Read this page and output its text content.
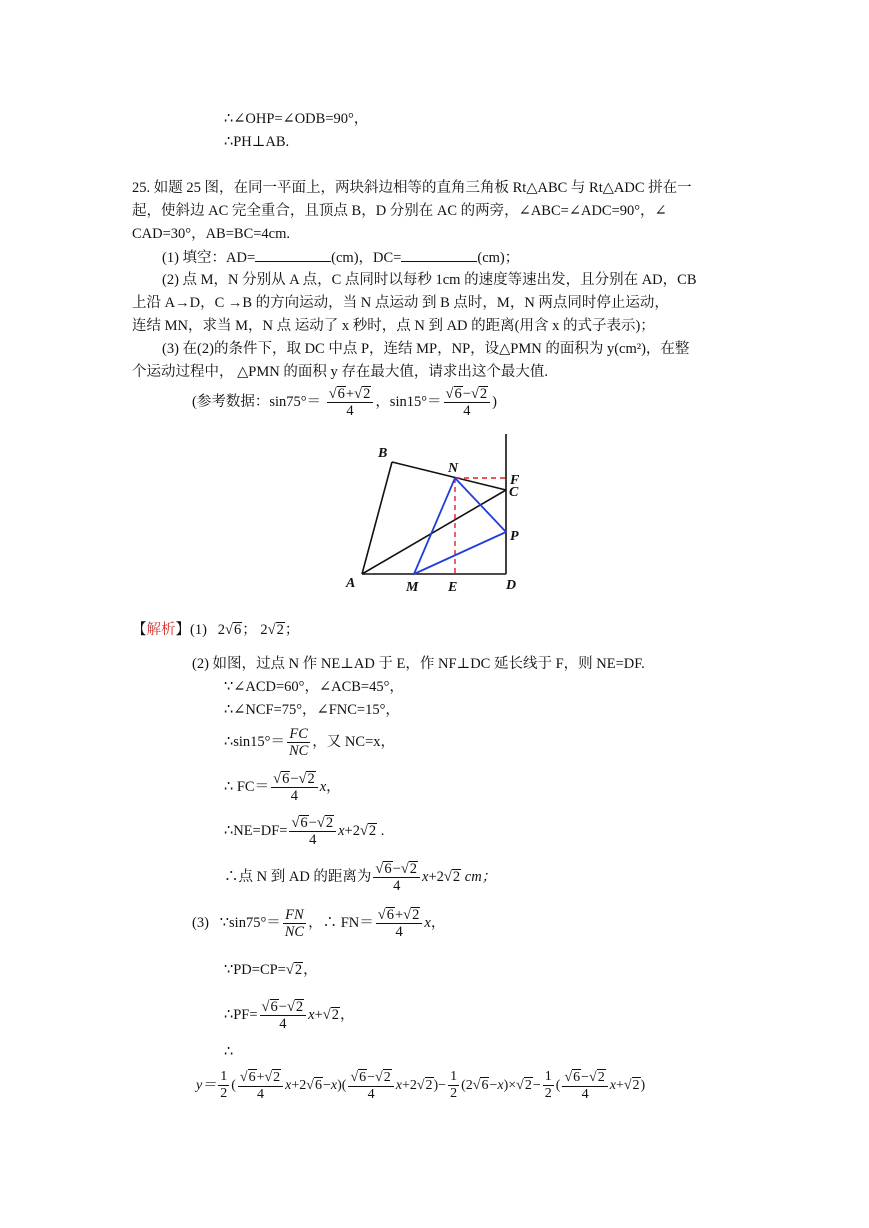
∴∠OHP=∠ODB=90°，
∴PH⊥AB.
25. 如题 25 图，在同一平面上，两块斜边相等的直角三角板 Rt△ABC 与 Rt△ADC 拼在一
起，使斜边 AC 完全重合，且顶点 B，D 分别在 AC 的两旁，∠ABC=∠ADC=90°，∠
CAD=30°，AB=BC=4cm.
(1) 填空：AD=	(cm)，DC=	(cm)；
(2) 点 M，N 分别从 A 点，C 点同时以每秒 1cm 的速度等速出发，且分别在 AD，CB
上沿 A→D，C →B 的方向运动，当 N 点运动 到 B 点时，M，N 两点同时停止运动，
连结 MN，求当 M，N 点 运动了 x 秒时，点 N 到 AD 的距离(用含 x 的式子表示)；
(3) 在(2)的条件下，取 DC 中点 P，连结 MP，NP，设△PMN 的面积为 y(cm²)，在整
个运动过程中， △PMN 的面积 y 存在最大值，请求出这个最大值.
(参考数据：$\sin 75^\circ= \frac{√6+√2}{4}$ ，$\sin 15^\circ= \frac{√6-√2}{4}$ )
B
N
F
C
P
A	M E	D
【解析】(1) 2√6； 2√2；
(2) 如图，过点 N 作 NE⊥AD 于 E，作 NF⊥DC 延长线于 F，则 NE=DF.
∵∠ACD=60°，∠ACB=45°，
∴∠NCF=75°，∠FNC=15°，
∴sin15°＝ $\frac{FC}{NC}$ ，又 NC=x，
∴ $FC= \frac{√6-√2}{4}$ x，
∴NE=DF= $\frac{√6-√2}{4} x+2√2$ .
∴点 N 到 AD 的距离为 $\frac{√6-√2}{4} x+2√2$ cm；
(3) ∵sin75°＝ $\frac{FN}{NC}$ ，∴ $FN= \frac{√6+√2}{4}$ x，
∵PD=CP=√2，
∴PF= $\frac{√6-√2}{4} x+√2$，
∴
$y= \frac{1}{2}$ ( $\frac{√6+√2}{4} x+2√6-x)( \frac{√6-√2}{4} x+2√2)- \frac{1}{2} (2√6-x)\times√2- \frac{1}{2}$ ( $\frac{√6-√2}{4} x+√2$)
